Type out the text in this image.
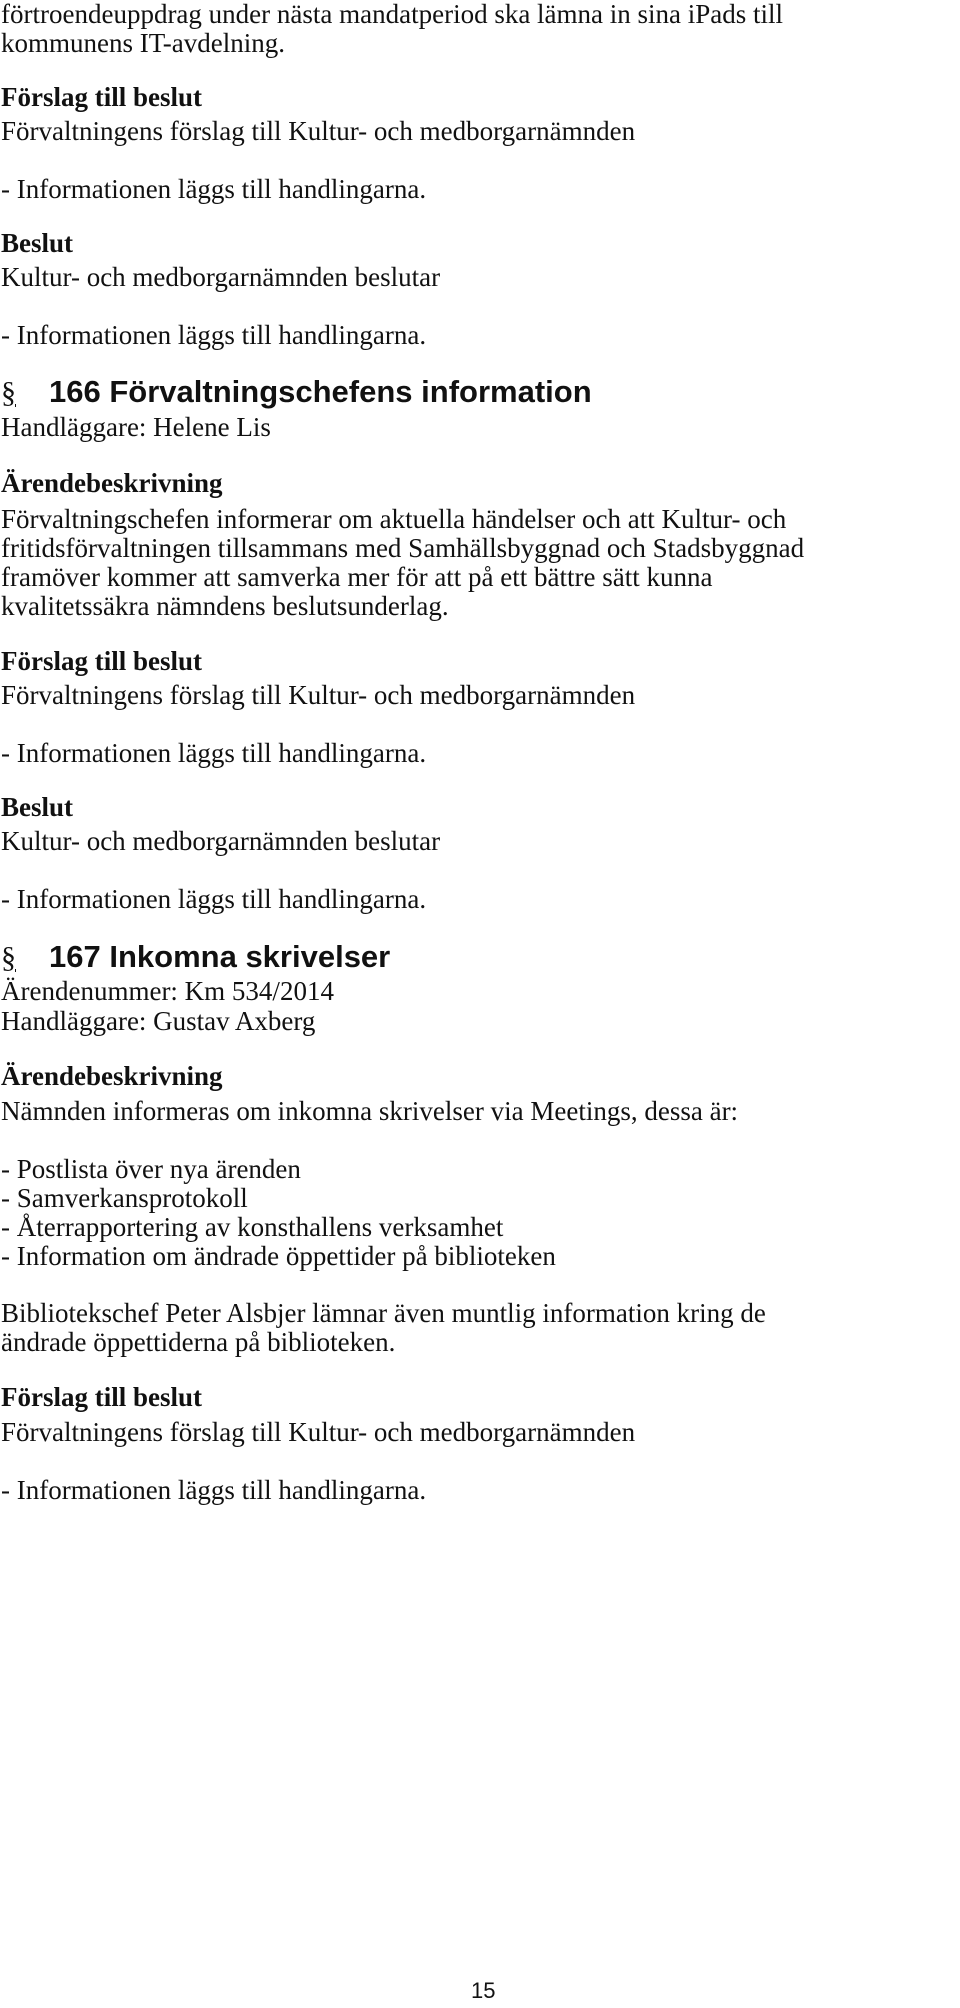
förtroendeuppdrag under nästa mandatperiod ska lämna in sina iPads till

kommunens IT-avdelning.

Förslag till beslut

Förvaltningens förslag till Kultur- och medborgarnämnden

- Informationen läggs till handlingarna.

Beslut

Kultur- och medborgarnämnden beslutar

- Informationen läggs till handlingarna.

§ 166 Förvaltningschefens information

Handläggare: Helene Lis

Ärendebeskrivning

Förvaltningschefen informerar om aktuella händelser och att Kultur- och

fritidsförvaltningen tillsammans med Samhällsbyggnad och Stadsbyggnad

framöver kommer att samverka mer för att på ett bättre sätt kunna

kvalitetssäkra nämndens beslutsunderlag.

Förslag till beslut

Förvaltningens förslag till Kultur- och medborgarnämnden

- Informationen läggs till handlingarna.

Beslut

Kultur- och medborgarnämnden beslutar

- Informationen läggs till handlingarna.

§ 167 Inkomna skrivelser

Ärendenummer: Km 534/2014

Handläggare: Gustav Axberg

Ärendebeskrivning

Nämnden informeras om inkomna skrivelser via Meetings, dessa är:

- Postlista över nya ärenden

- Samverkansprotokoll

- Återrapportering av konsthallens verksamhet

- Information om ändrade öppettider på biblioteken

Bibliotekschef Peter Alsbjer lämnar även muntlig information kring de

ändrade öppettiderna på biblioteken.

Förslag till beslut

Förvaltningens förslag till Kultur- och medborgarnämnden

- Informationen läggs till handlingarna.

15
